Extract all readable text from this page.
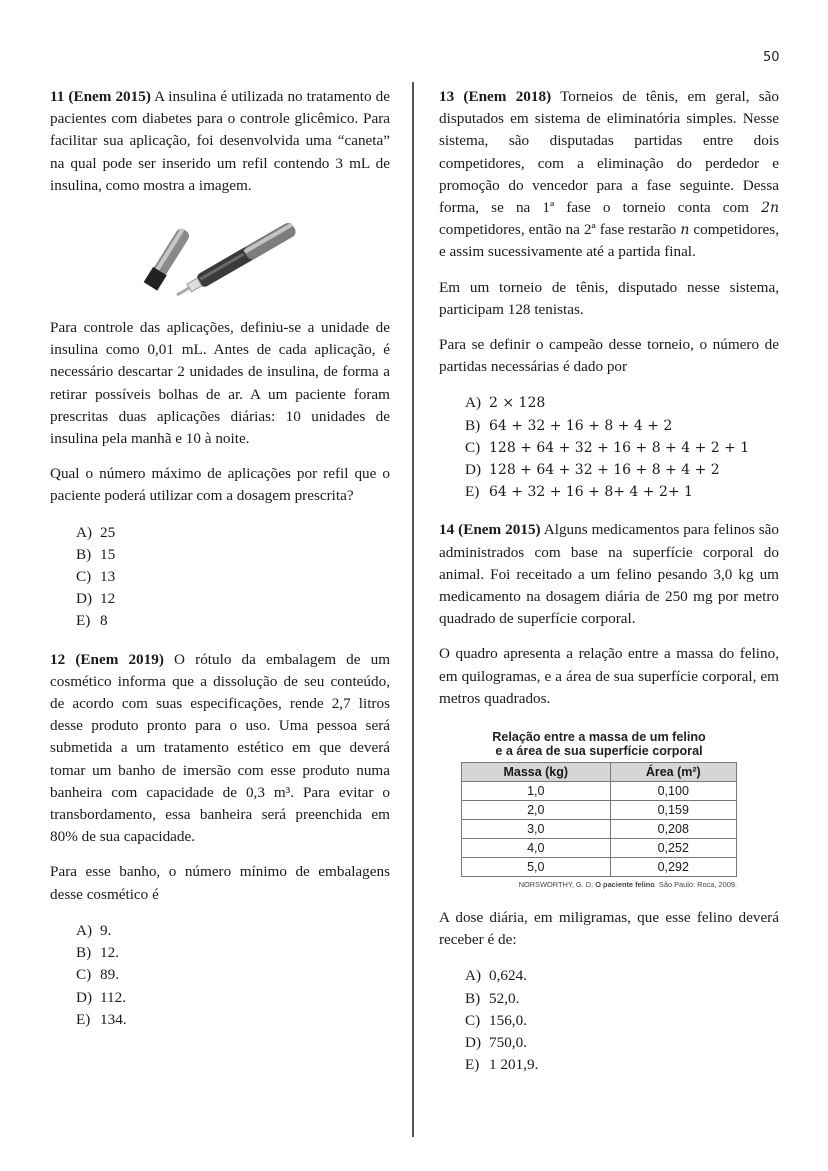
50

11 (Enem 2015) A insulina é utilizada no tratamento de pacientes com diabetes para o controle glicêmico. Para facilitar sua aplicação, foi desenvolvida uma “caneta” na qual pode ser inserido um refil contendo 3 mL de insulina, como mostra a imagem.

Para controle das aplicações, definiu-se a unidade de insulina como 0,01 mL. Antes de cada aplicação, é necessário descartar 2 unidades de insulina, de forma a retirar possíveis bolhas de ar. A um paciente foram prescritas duas aplicações diárias: 10 unidades de insulina pela manhã e 10 à noite.

Qual o número máximo de aplicações por refil que o paciente poderá utilizar com a dosagem prescrita?

A) 25
B) 15
C) 13
D) 12
E) 8

12 (Enem 2019) O rótulo da embalagem de um cosmético informa que a dissolução de seu conteúdo, de acordo com suas especificações, rende 2,7 litros desse produto pronto para o uso. Uma pessoa será submetida a um tratamento estético em que deverá tomar um banho de imersão com esse produto numa banheira com capacidade de 0,3 m³. Para evitar o transbordamento, essa banheira será preenchida em 80% de sua capacidade.

Para esse banho, o número mínimo de embalagens desse cosmético é

A) 9.
B) 12.
C) 89.
D) 112.
E) 134.

13 (Enem 2018) Torneios de tênis, em geral, são disputados em sistema de eliminatória simples. Nesse sistema, são disputadas partidas entre dois competidores, com a eliminação do perdedor e promoção do vencedor para a fase seguinte. Dessa forma, se na 1ª fase o torneio conta com 2n competidores, então na 2ª fase restarão n competidores, e assim sucessivamente até a partida final.

Em um torneio de tênis, disputado nesse sistema, participam 128 tenistas.

Para se definir o campeão desse torneio, o número de partidas necessárias é dado por

A) 2 × 128
B) 64 + 32 + 16 + 8 + 4 + 2
C) 128 + 64 + 32 + 16 + 8 + 4 + 2 + 1
D) 128 + 64 + 32 + 16 + 8 + 4 + 2
E) 64 + 32 + 16 + 8+ 4 + 2+ 1

14 (Enem 2015) Alguns medicamentos para felinos são administrados com base na superfície corporal do animal. Foi receitado a um felino pesando 3,0 kg um medicamento na dosagem diária de 250 mg por metro quadrado de superfície corporal.

O quadro apresenta a relação entre a massa do felino, em quilogramas, e a área de sua superfície corporal, em metros quadrados.

Relação entre a massa de um felino
e a área de sua superfície corporal
Massa (kg)	Área (m²)
1,0	0,100
2,0	0,159
3,0	0,208
4,0	0,252
5,0	0,292
NORSWORTHY, G. D. O paciente felino. São Paulo: Roca, 2009.

A dose diária, em miligramas, que esse felino deverá receber é de:

A) 0,624.
B) 52,0.
C) 156,0.
D) 750,0.
E) 1 201,9.
